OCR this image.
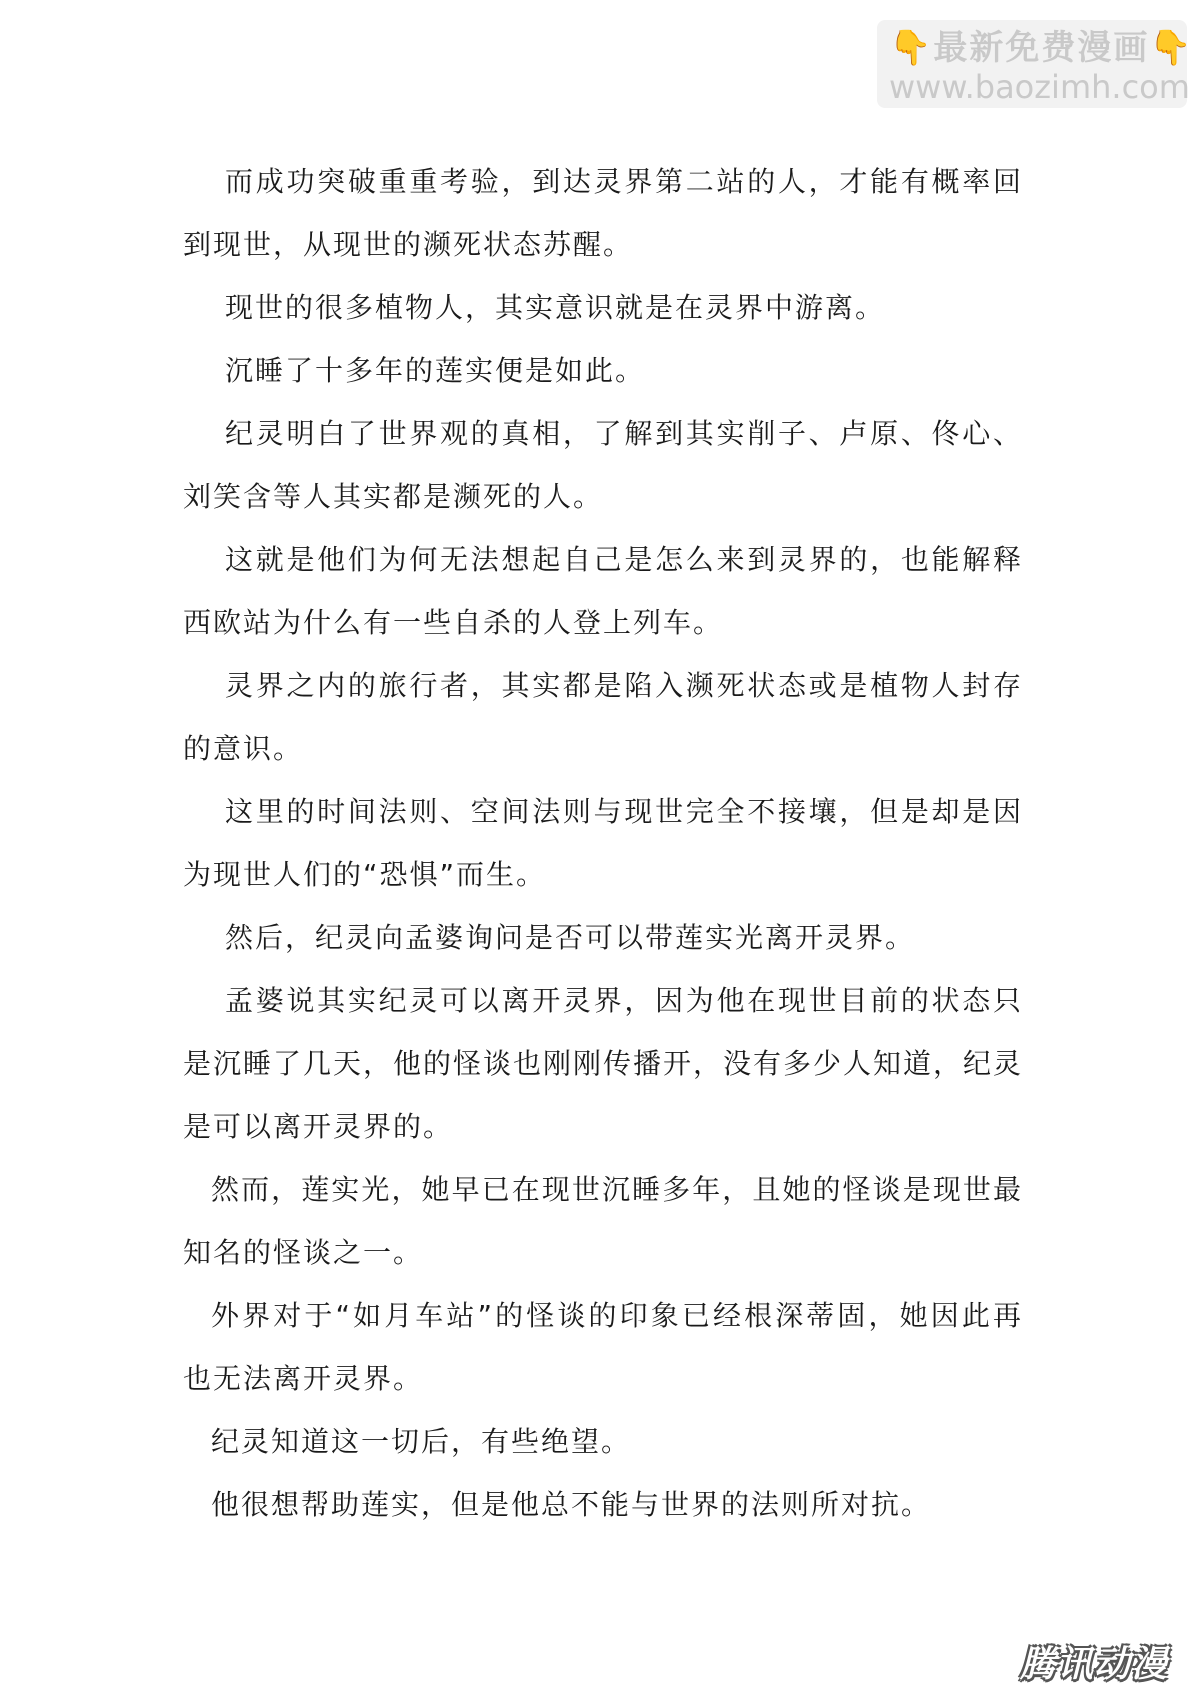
👇最新免费漫画👇
www.baozimh.com

而成功突破重重考验，到达灵界第二站的人，才能有概率回到现世，从现世的濒死状态苏醒。

现世的很多植物人，其实意识就是在灵界中游离。

沉睡了十多年的莲实便是如此。

纪灵明白了世界观的真相，了解到其实削子、卢原、佟心、刘笑含等人其实都是濒死的人。

这就是他们为何无法想起自己是怎么来到灵界的，也能解释西欧站为什么有一些自杀的人登上列车。

灵界之内的旅行者，其实都是陷入濒死状态或是植物人封存的意识。

这里的时间法则、空间法则与现世完全不接壤，但是却是因为现世人们的“恐惧”而生。

然后，纪灵向孟婆询问是否可以带莲实光离开灵界。

孟婆说其实纪灵可以离开灵界，因为他在现世目前的状态只是沉睡了几天，他的怪谈也刚刚传播开，没有多少人知道，纪灵是可以离开灵界的。

然而，莲实光，她早已在现世沉睡多年，且她的怪谈是现世最知名的怪谈之一。

外界对于“如月车站”的怪谈的印象已经根深蒂固，她因此再也无法离开灵界。

纪灵知道这一切后，有些绝望。

他很想帮助莲实，但是他总不能与世界的法则所对抗。

腾讯动漫
